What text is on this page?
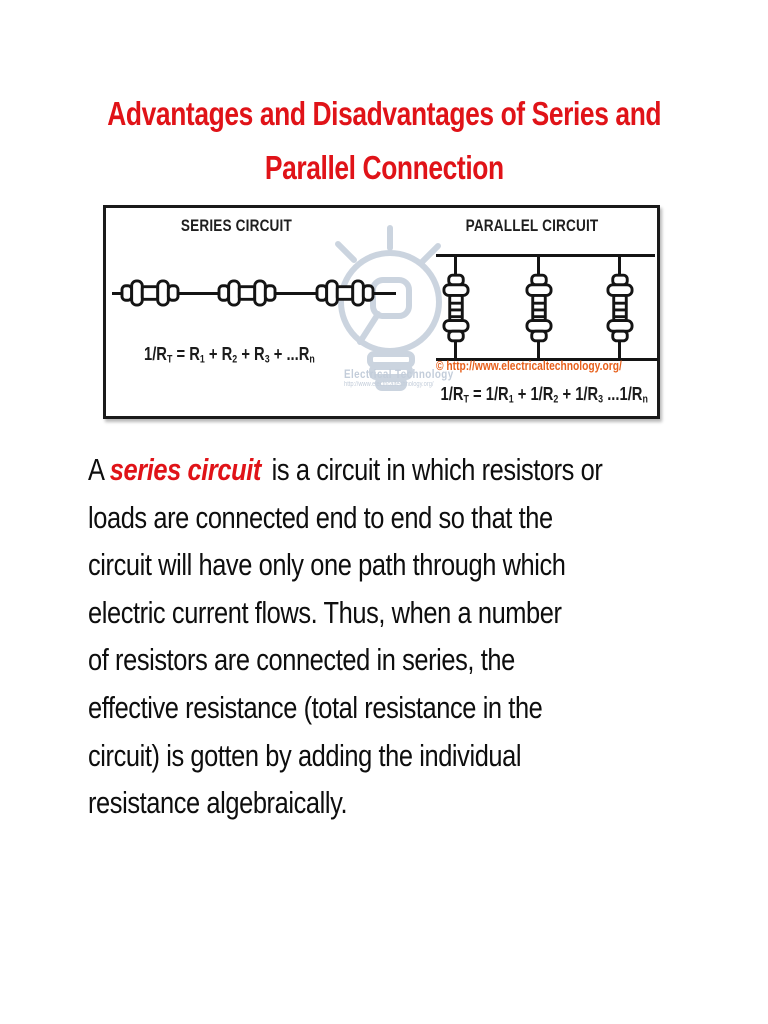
Advantages and Disadvantages of Series and
Parallel Connection
SERIES CIRCUIT	PARALLEL CIRCUIT
Electrical Technology
http://www.electricaltechnology.org/
$1/R_T = R_1 + R_2 + R_3 + ...R_n$	© http://www.electricaltechnology.org/
$1/R_T = 1/R_1 + 1/R_2 + 1/R_3$ $...1/R_n$
A series circuit is a circuit in which resistors or
loads are connected end to end so that the
circuit will have only one path through which
electric current flows. Thus, when a number
of resistors are connected in series, the
effective resistance (total resistance in the
circuit) is gotten by adding the individual
resistance algebraically.
